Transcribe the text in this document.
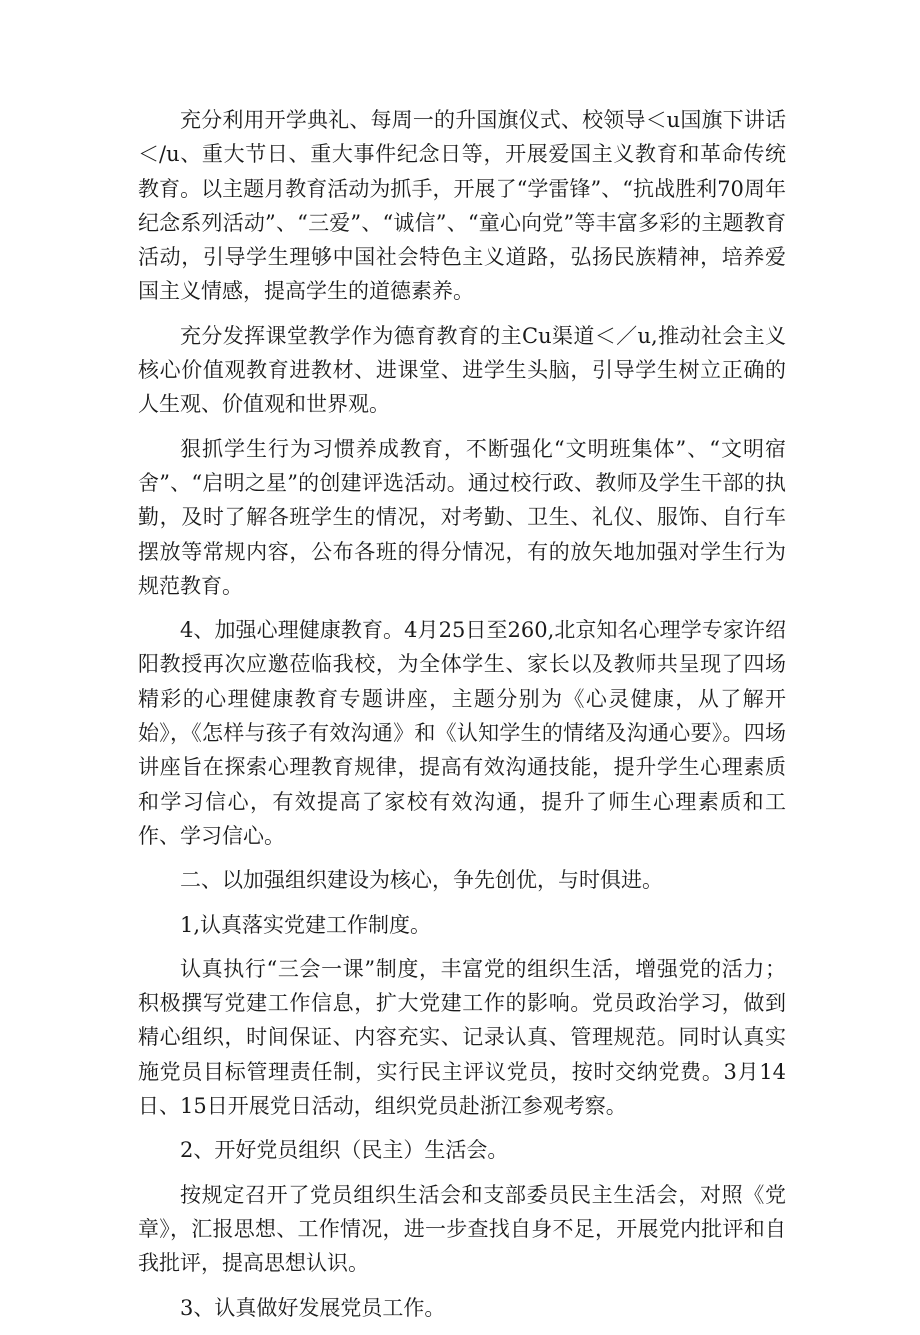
充分利用开学典礼、每周一的升国旗仪式、校领导＜u国旗下讲话＜/u、重大节日、重大事件纪念日等，开展爱国主义教育和革命传统教育。以主题月教育活动为抓手，开展了“学雷锋”、“抗战胜利70周年纪念系列活动”、“三爱”、“诚信”、“童心向党”等丰富多彩的主题教育活动，引导学生理够中国社会特色主义道路，弘扬民族精神，培养爱国主义情感，提高学生的道德素养。

充分发挥课堂教学作为德育教育的主Cu渠道＜／u,推动社会主义核心价值观教育进教材、进课堂、进学生头脑，引导学生树立正确的人生观、价值观和世界观。

狠抓学生行为习惯养成教育，不断强化“文明班集体”、“文明宿舍”、“启明之星”的创建评选活动。通过校行政、教师及学生干部的执勤，及时了解各班学生的情况，对考勤、卫生、礼仪、服饰、自行车摆放等常规内容，公布各班的得分情况，有的放矢地加强对学生行为规范教育。

4、加强心理健康教育。4月25日至260,北京知名心理学专家许绍阳教授再次应邀莅临我校，为全体学生、家长以及教师共呈现了四场精彩的心理健康教育专题讲座，主题分别为《心灵健康，从了解开始》，《怎样与孩子有效沟通》和《认知学生的情绪及沟通心要》。四场讲座旨在探索心理教育规律，提高有效沟通技能，提升学生心理素质和学习信心，有效提高了家校有效沟通，提升了师生心理素质和工作、学习信心。

二、以加强组织建设为核心，争先创优，与时俱进。

1,认真落实党建工作制度。

认真执行“三会一课”制度，丰富党的组织生活，增强党的活力；积极撰写党建工作信息，扩大党建工作的影响。党员政治学习，做到精心组织，时间保证、内容充实、记录认真、管理规范。同时认真实施党员目标管理责任制，实行民主评议党员，按时交纳党费。3月14日、15日开展党日活动，组织党员赴浙江参观考察。

2、开好党员组织（民主）生活会。

按规定召开了党员组织生活会和支部委员民主生活会，对照《党章》，汇报思想、工作情况，进一步查找自身不足，开展党内批评和自我批评，提高思想认识。

3、认真做好发展党员工作。
